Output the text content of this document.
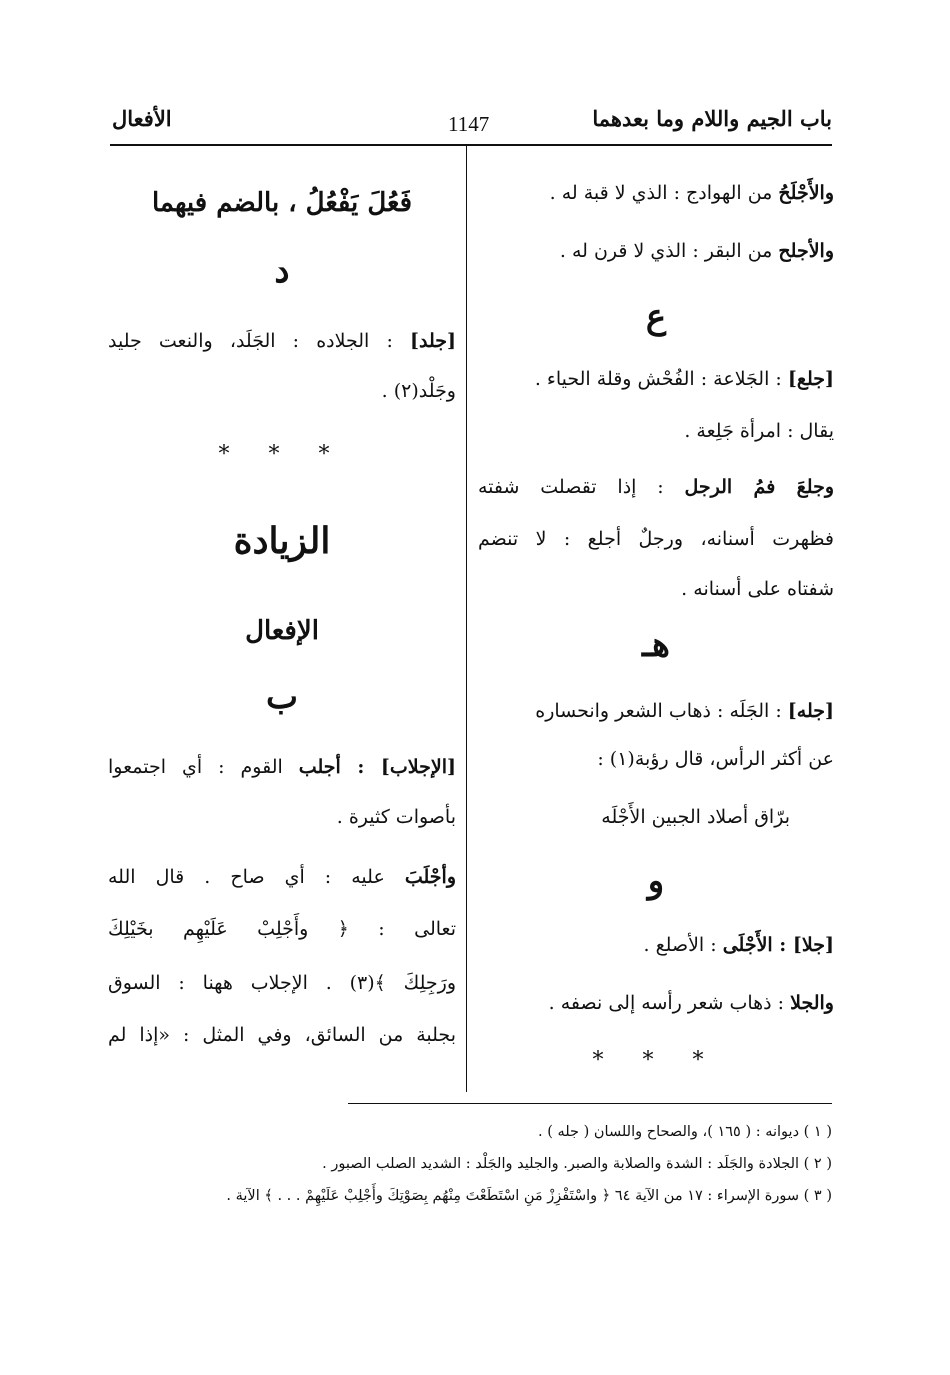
الأفعال	1147	باب الجيم واللام وما بعدهما
والأَجْلَحُ من الهوادج : الذي لا قبة له .
والأجلح من البقر : الذي لا قرن له .
ع
[جلع] : الجَلاعة : الفُحْش وقلة الحياء .
يقال : امرأة جَلِعة .
وجلعَ فمُ الرجل : إذا تقصلت شفته
فظهرت أسنانه، ورجلٌ أجلع : لا تنضم
شفتاه على أسنانه .
هـ
[جله] : الجَلَه : ذهاب الشعر وانحساره
عن أكثر الرأس، قال رؤبة(١) :
برّاق أصلاد الجبين الأَجْلَه
و
[جلا] : الأَجْلَى : الأصلع .
والجلا : ذهاب شعر رأسه إلى نصفه .
* * *
فَعُلَ يَفْعُلُ ، بالضم فيهما
د
[جلد] : الجلاده : الجَلَد، والنعت جليد
وجَلْد(٢) .
* * *
الزيادة
الإفعال
ب
[الإجلاب] : أجلب القوم : أي اجتمعوا
بأصوات كثيرة .
وأجْلَبَ عليه : أي صاح . قال الله
تعالى : ﴿ وأَجْلِبْ عَلَيْهِم بخَيْلِكَ
ورَجِلِكَ ﴾(٣) . الإجلاب ههنا : السوق
بجلبة من السائق، وفي المثل : «إذا لم
( ١ ) ديوانه : ( ١٦٥ )، والصحاح واللسان ( جله ) .
( ٢ ) الجلادة والجَلَد : الشدة والصلابة والصبر. والجليد والجَلْد : الشديد الصلب الصبور .
( ٣ ) سورة الإسراء : ١٧ من الآية ٦٤ ﴿ واسْتَفْزِزْ مَنِ اسْتَطَعْتَ مِنْهُم بِصَوْتِكَ وأَجْلِبْ عَلَيْهِمْ . . . ﴾ الآية .
